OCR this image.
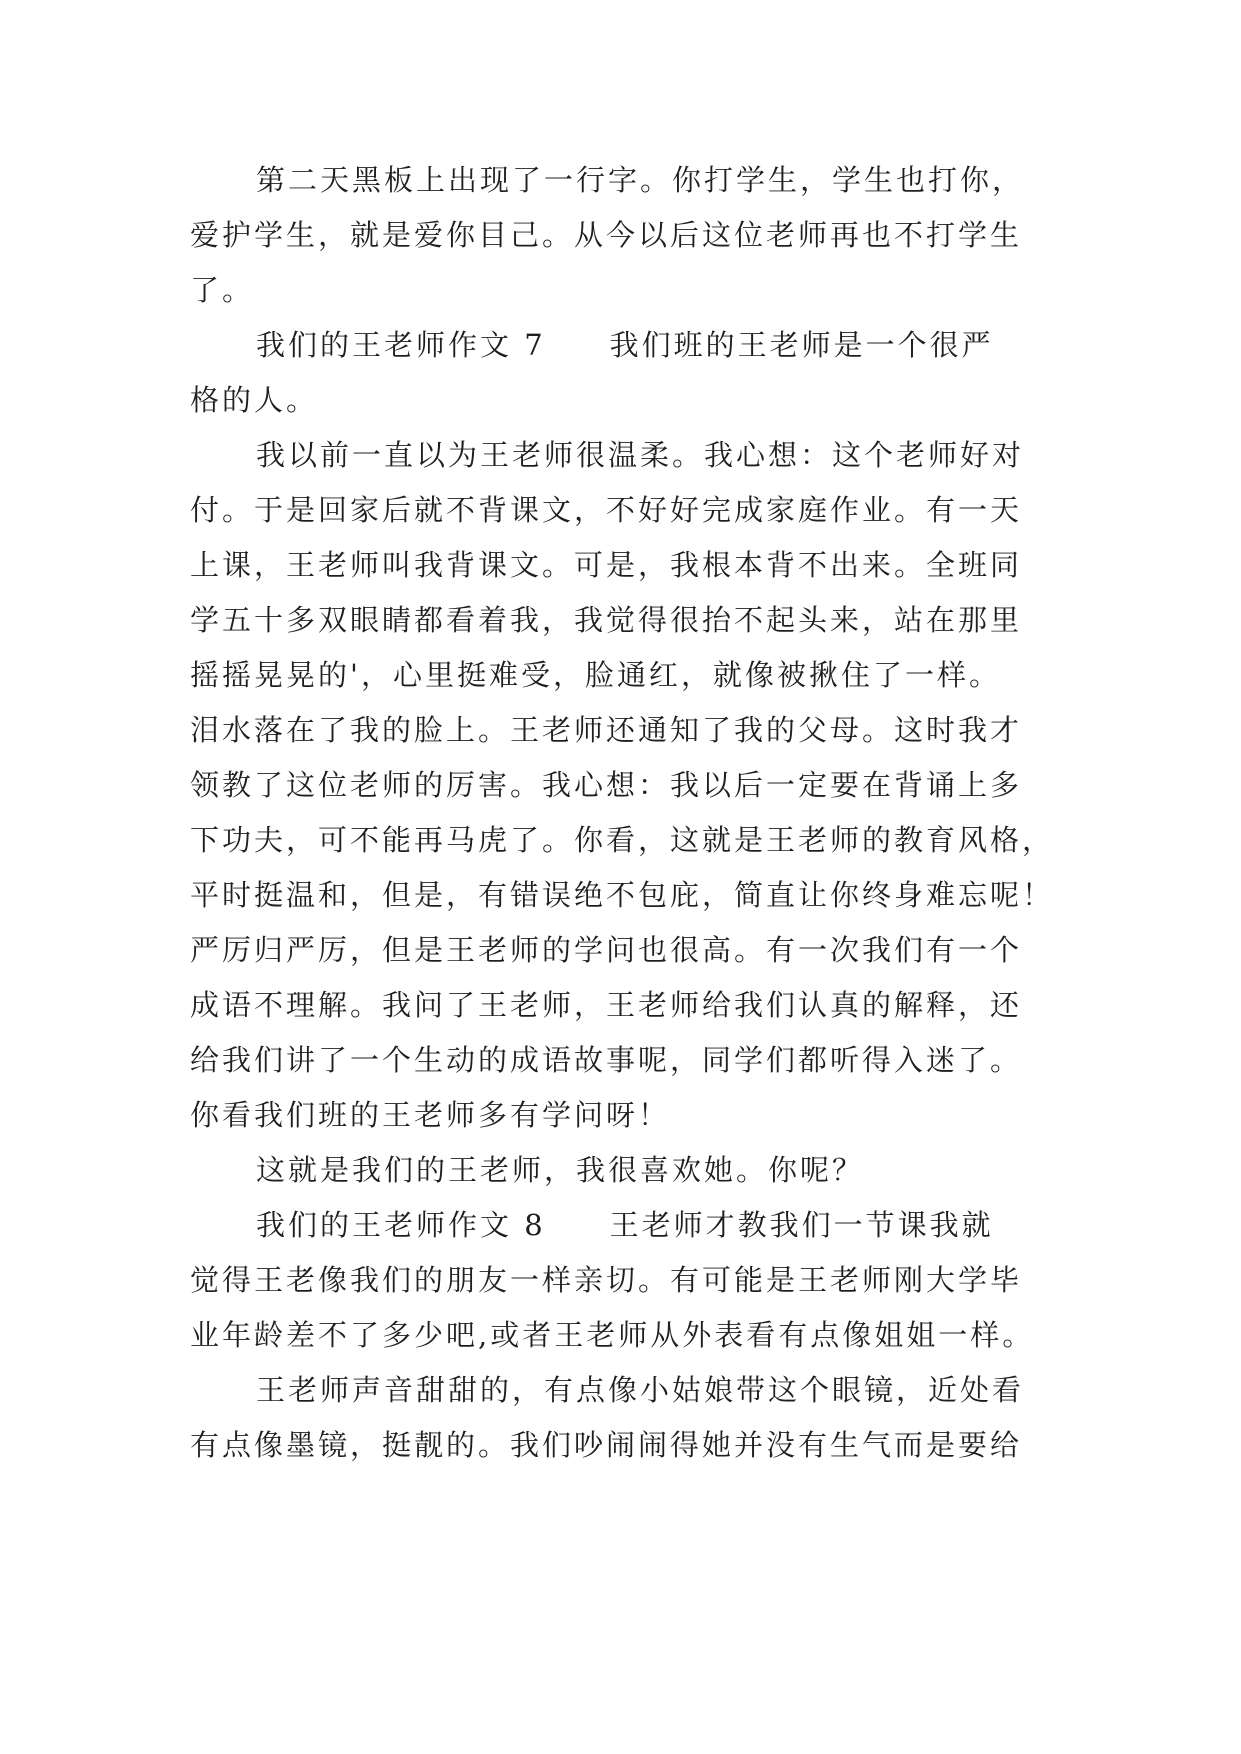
第二天黑板上出现了一行字。你打学生，学生也打你，
爱护学生，就是爱你目己。从今以后这位老师再也不打学生
了。
我们的王老师作文 7　　我们班的王老师是一个很严
格的人。
我以前一直以为王老师很温柔。我心想：这个老师好对
付。于是回家后就不背课文，不好好完成家庭作业。有一天
上课，王老师叫我背课文。可是，我根本背不出来。全班同
学五十多双眼睛都看着我，我觉得很抬不起头来，站在那里
摇摇晃晃的'，心里挺难受，脸通红，就像被揪住了一样。
泪水落在了我的脸上。王老师还通知了我的父母。这时我才
领教了这位老师的厉害。我心想：我以后一定要在背诵上多
下功夫，可不能再马虎了。你看，这就是王老师的教育风格，
平时挺温和，但是，有错误绝不包庇，简直让你终身难忘呢！
严厉归严厉，但是王老师的学问也很高。有一次我们有一个
成语不理解。我问了王老师，王老师给我们认真的解释，还
给我们讲了一个生动的成语故事呢，同学们都听得入迷了。
你看我们班的王老师多有学问呀！
这就是我们的王老师，我很喜欢她。你呢？
我们的王老师作文 8　　王老师才教我们一节课我就
觉得王老像我们的朋友一样亲切。有可能是王老师刚大学毕
业年龄差不了多少吧,或者王老师从外表看有点像姐姐一样。
王老师声音甜甜的，有点像小姑娘带这个眼镜，近处看
有点像墨镜，挺靓的。我们吵闹闹得她并没有生气而是要给
